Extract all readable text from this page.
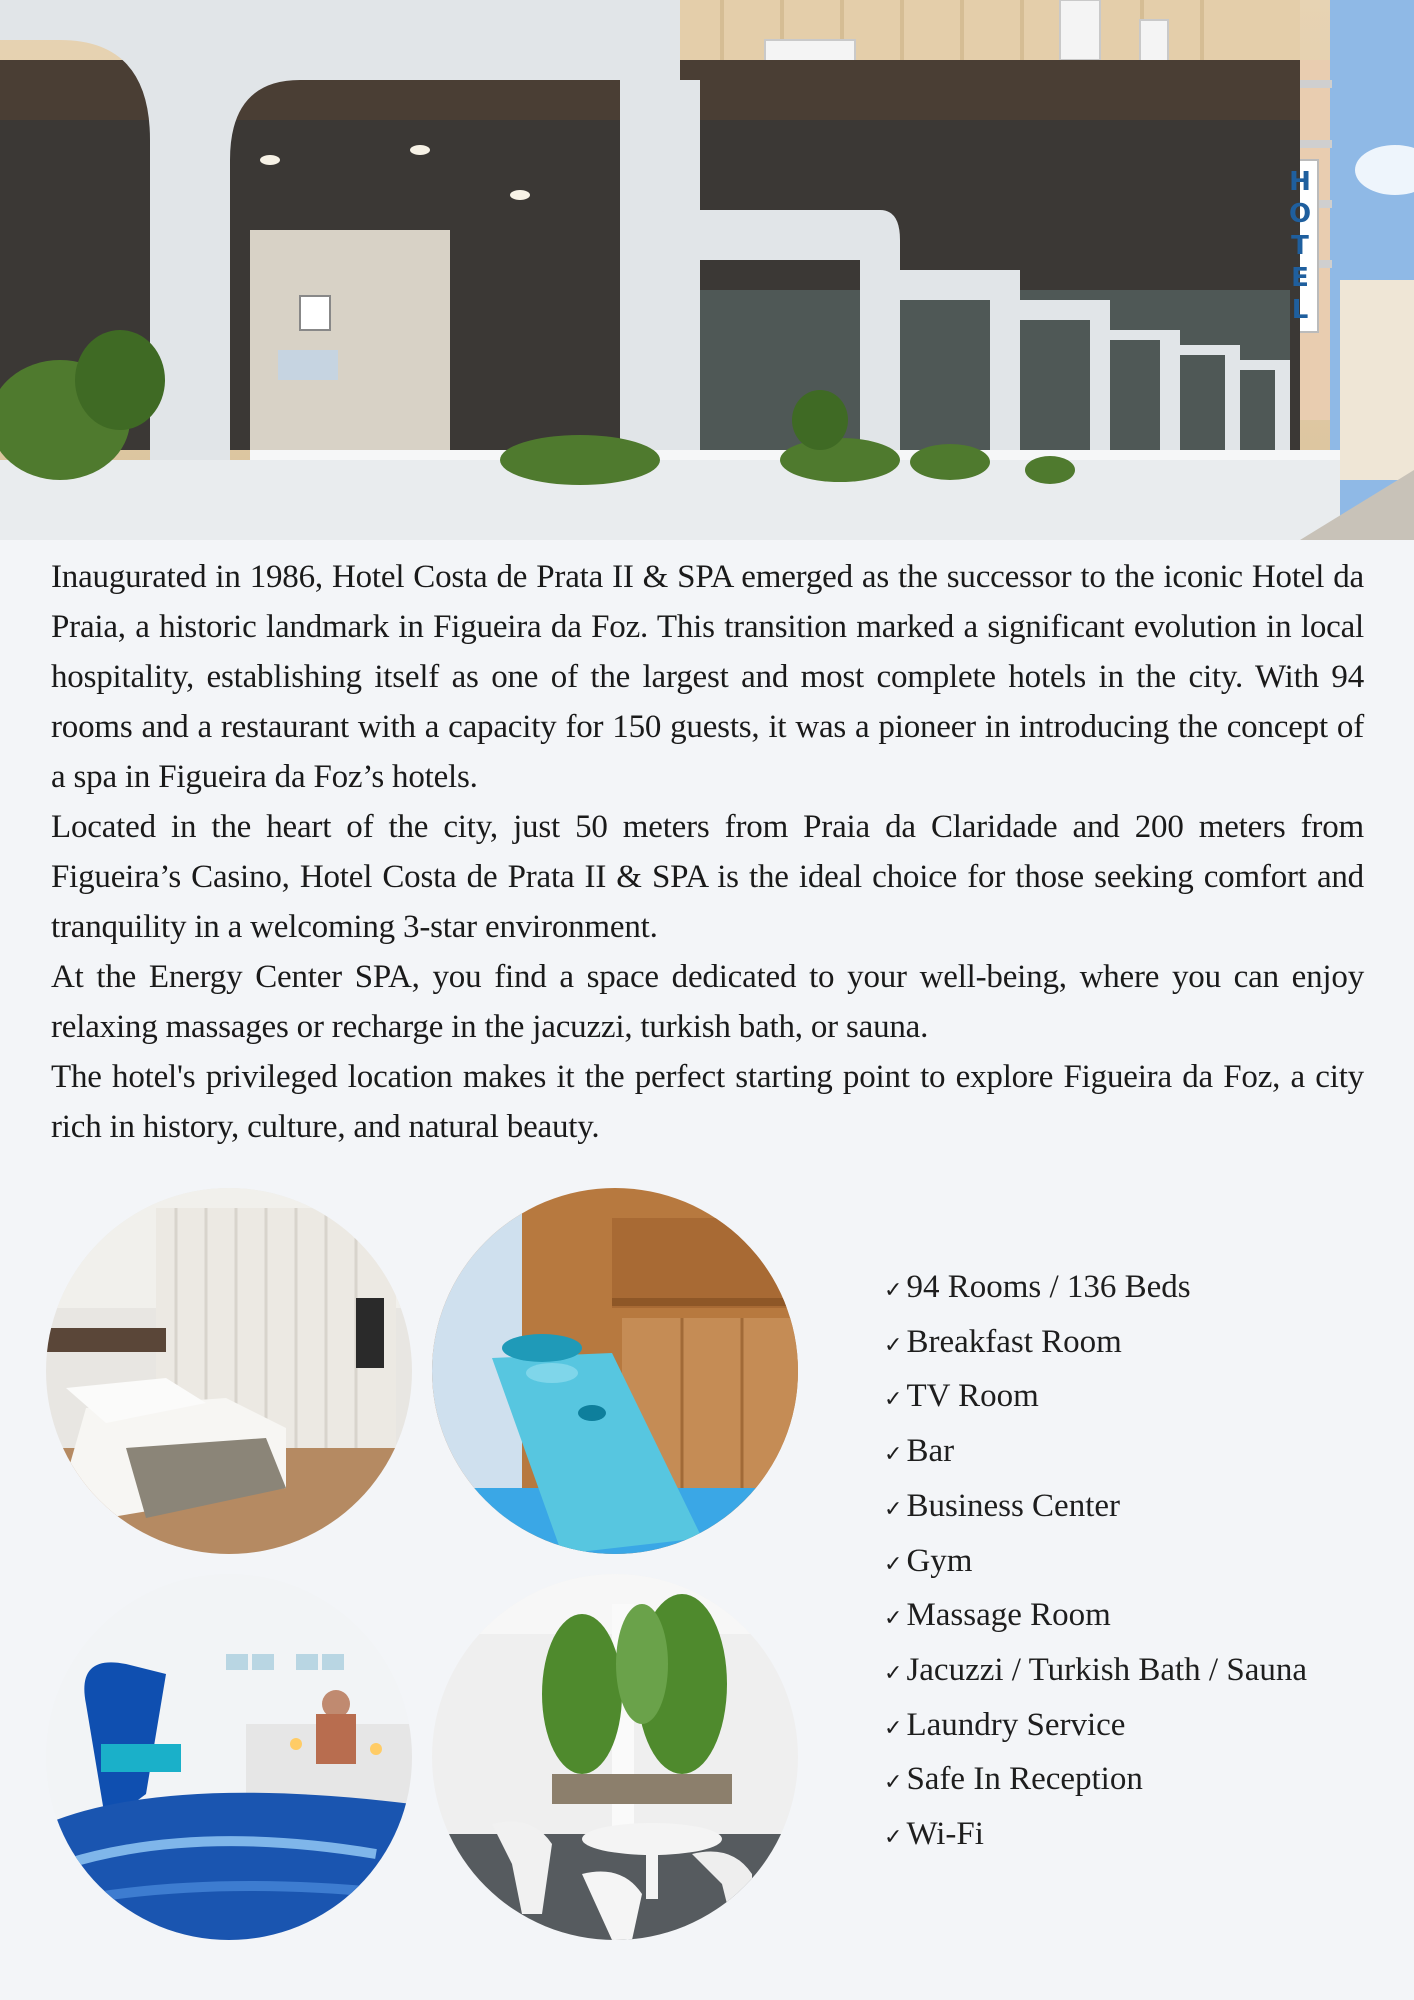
H
O
T
E
L

Inaugurated in 1986, Hotel Costa de Prata II & SPA emerged as the successor to the iconic Hotel da Praia, a historic landmark in Figueira da Foz. This transition marked a significant evolution in local hospitality, establishing itself as one of the largest and most complete hotels in the city. With 94 rooms and a restaurant with a capacity for 150 guests, it was a pioneer in introducing the concept of a spa in Figueira da Foz’s hotels.

Located in the heart of the city, just 50 meters from Praia da Claridade and 200 meters from Figueira’s Casino, Hotel Costa de Prata II & SPA is the ideal choice for those seeking comfort and tranquility in a welcoming 3-star environment.

At the Energy Center SPA, you find a space dedicated to your well-being, where you can enjoy relaxing massages or recharge in the jacuzzi, turkish bath, or sauna.

The hotel's privileged location makes it the perfect starting point to explore Figueira da Foz, a city rich in history, culture, and natural beauty.

✓ 94 Rooms / 136 Beds
✓ Breakfast Room
✓ TV Room
✓ Bar
✓ Business Center
✓ Gym
✓ Massage Room
✓ Jacuzzi / Turkish Bath / Sauna
✓ Laundry Service
✓ Safe In Reception
✓ Wi-Fi
